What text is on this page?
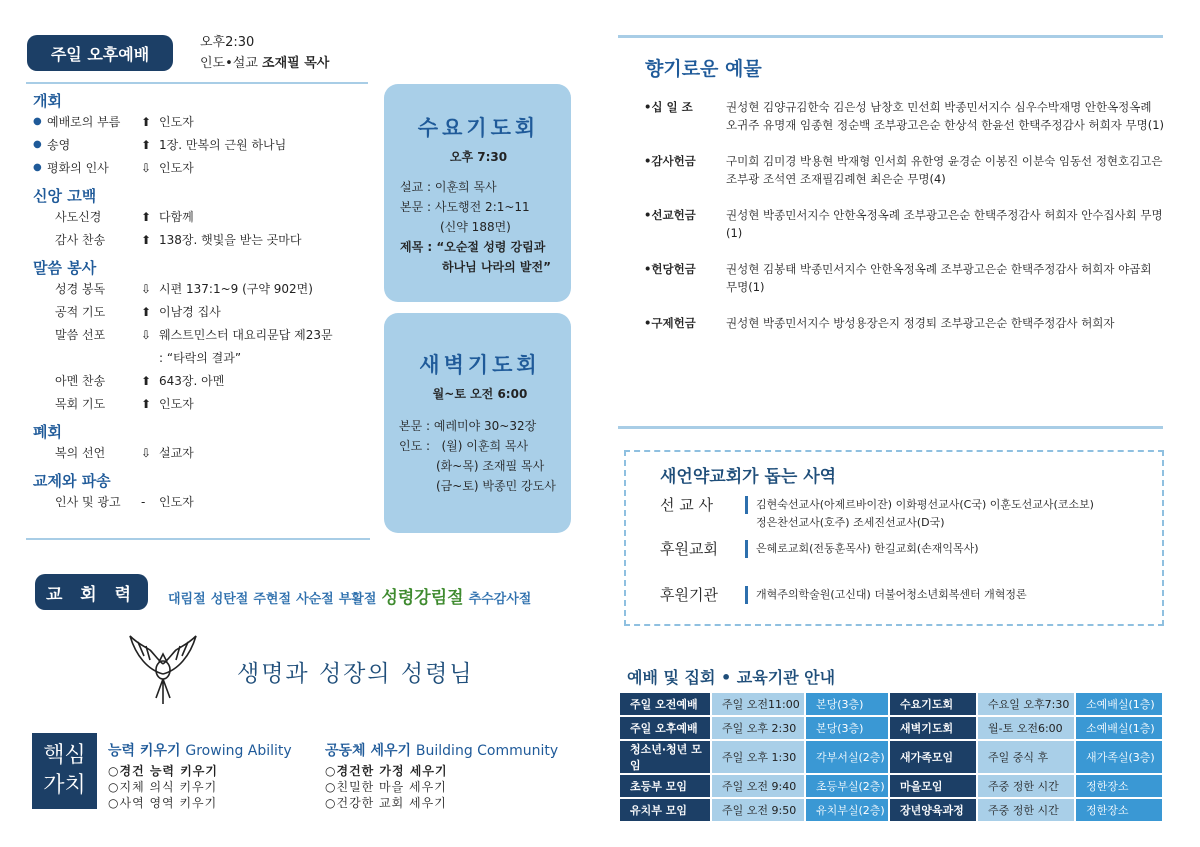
주일 오후예배
오후2:30
인도•설교 조재필 목사
개회
● 예배로의 부름	⬆ 인도자
● 송영	⬆ 1장. 만복의 근원 하나님
● 평화의 인사	⇩ 인도자
신앙 고백
사도신경	⬆ 다함께
감사 찬송	⬆ 138장. 햇빛을 받는 곳마다
말씀 봉사
성경 봉독	⇩ 시편 137:1~9 (구약 902면)
공적 기도	⬆ 이남경 집사
말씀 선포	⇩ 웨스트민스터 대요리문답 제23문
: “타락의 결과”
아멘 찬송	⬆ 643장. 아멘
목회 기도	⬆ 인도자
폐회
복의 선언	⇩ 설교자
교제와 파송
인사 및 광고	-	인도자
수요기도회
오후 7:30
설교 : 이훈희 목사
본문 : 사도행전 2:1~11
(신약 188면)
제목 : “오순절 성령 강림과
하나님 나라의 발전”
새벽기도회
월~토 오전 6:00
본문 : 예레미야 30~32장
인도 : (월) 이훈희 목사
(화~목) 조재필 목사
(금~토) 박종민 강도사
교 회 력	대림절 성탄절 주현절 사순절 부활절 성령강림절 추수감사절
생명과 성장의 성령님
핵심
가치
능력 키우기 Growing Ability
○경건 능력 키우기
○지체 의식 키우기
○사역 영역 키우기
공동체 세우기 Building Community
○경건한 가정 세우기
○친밀한 마을 세우기
○건강한 교회 세우기
향기로운 예물
•십 일 조	권성현 김양규김한숙 김은성 남창호 민선희 박종민서지수 심우수박재명 안한옥정옥례 오귀주 유명재 임종현 정순백 조부광고은순 한상석 한윤선 한택주정감사 허희자 무명(1)
•감사헌금	구미희 김미경 박용현 박재형 인서희 유한영 윤경순 이봉진 이분숙 임동선 정현호김고은 조부광 조석연 조재필김례현 최은순 무명(4)
•선교헌금	권성현 박종민서지수 안한옥정옥례 조부광고은순 한택주정감사 허희자 안수집사회 무명(1)
•헌당헌금	권성현 김봉태 박종민서지수 안한옥정옥례 조부광고은순 한택주정감사 허희자 야곱회 무명(1)
•구제헌금	권성현 박종민서지수 방성용장은지 정경퇴 조부광고은순 한택주정감사 허희자
새언약교회가 돕는 사역
선 교 사	김현숙선교사(아제르바이잔) 이화평선교사(C국) 이훈도선교사(코소보)
정은찬선교사(호주) 조세진선교사(D국)
후원교회	은혜로교회(전동훈목사) 한길교회(손재익목사)
후원기관	개혁주의학술원(고신대) 더불어청소년회복센터 개혁정론
예배 및 집회 • 교육기관 안내
주일 오전예배	주일 오전11:00	본당(3층)	수요기도회	수요일 오후7:30	소예배실(1층)
주일 오후예배	주일 오후 2:30	본당(3층)	새벽기도회	월-토 오전6:00	소예배실(1층)
청소년·청년 모임	주일 오후 1:30	각부서실(2층)	새가족모임	주일 중식 후	새가족실(3층)
초등부 모임	주일 오전 9:40	초등부실(2층)	마을모임	주중 정한 시간	정한장소
유치부 모임	주일 오전 9:50	유치부실(2층)	장년양육과정	주중 정한 시간	정한장소
